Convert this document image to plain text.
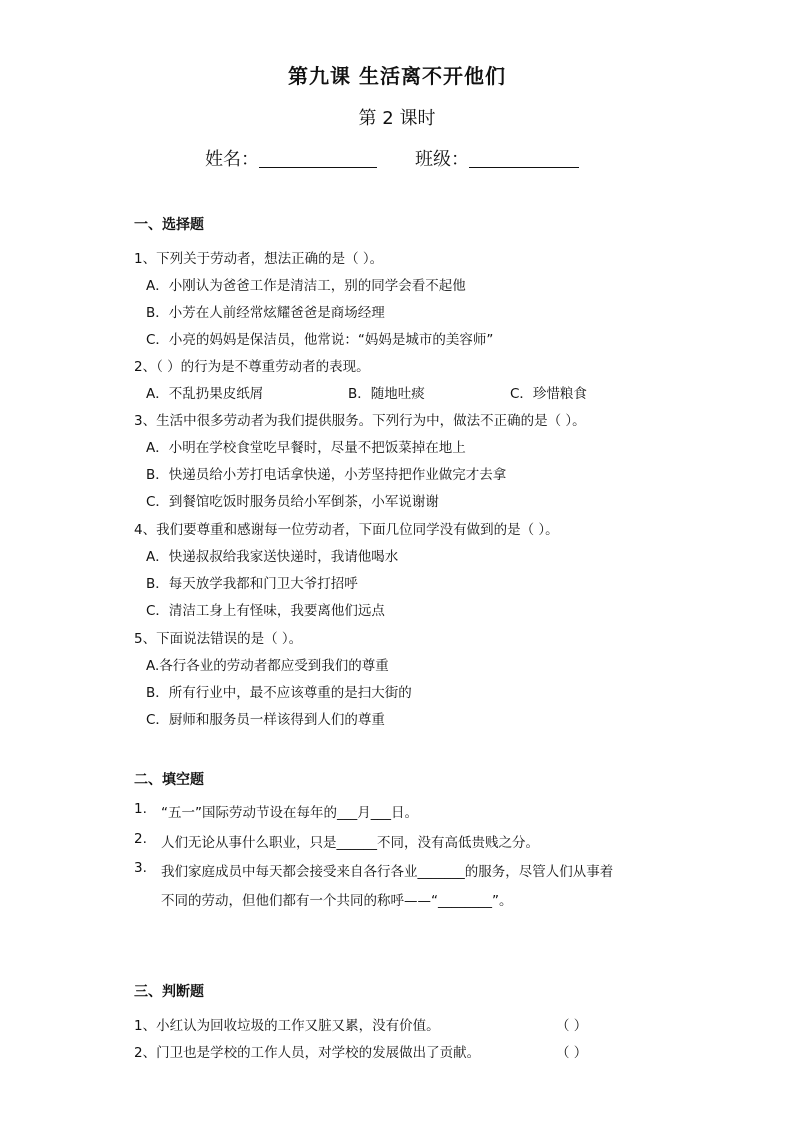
第九课 生活离不开他们
第 2 课时
姓名：	班级：
一、选择题
1、下列关于劳动者，想法正确的是（ ）。
A．小刚认为爸爸工作是清洁工，别的同学会看不起他
B．小芳在人前经常炫耀爸爸是商场经理
C．小亮的妈妈是保洁员，他常说：“妈妈是城市的美容师”
2、（ ）的行为是不尊重劳动者的表现。
A．不乱扔果皮纸屑	B．随地吐痰	C．珍惜粮食
3、生活中很多劳动者为我们提供服务。下列行为中，做法不正确的是（ ）。
A．小明在学校食堂吃早餐时，尽量不把饭菜掉在地上
B．快递员给小芳打电话拿快递，小芳坚持把作业做完才去拿
C．到餐馆吃饭时服务员给小军倒茶，小军说谢谢
4、我们要尊重和感谢每一位劳动者，下面几位同学没有做到的是（ ）。
A．快递叔叔给我家送快递时，我请他喝水
B．每天放学我都和门卫大爷打招呼
C．清洁工身上有怪味，我要离他们远点
5、下面说法错误的是（ ）。
A.各行各业的劳动者都应受到我们的尊重
B．所有行业中，最不应该尊重的是扫大街的
C．厨师和服务员一样该得到人们的尊重
二、填空题
1. “五一”国际劳动节设在每年的___月___日。
2. 人们无论从事什么职业，只是______不同，没有高低贵贱之分。
3. 我们家庭成员中每天都会接受来自各行各业_______的服务，尽管人们从事着
不同的劳动，但他们都有一个共同的称呼——“________”。
三、判断题
1、小红认为回收垃圾的工作又脏又累，没有价值。	（ ）
2、门卫也是学校的工作人员，对学校的发展做出了贡献。	（ ）
